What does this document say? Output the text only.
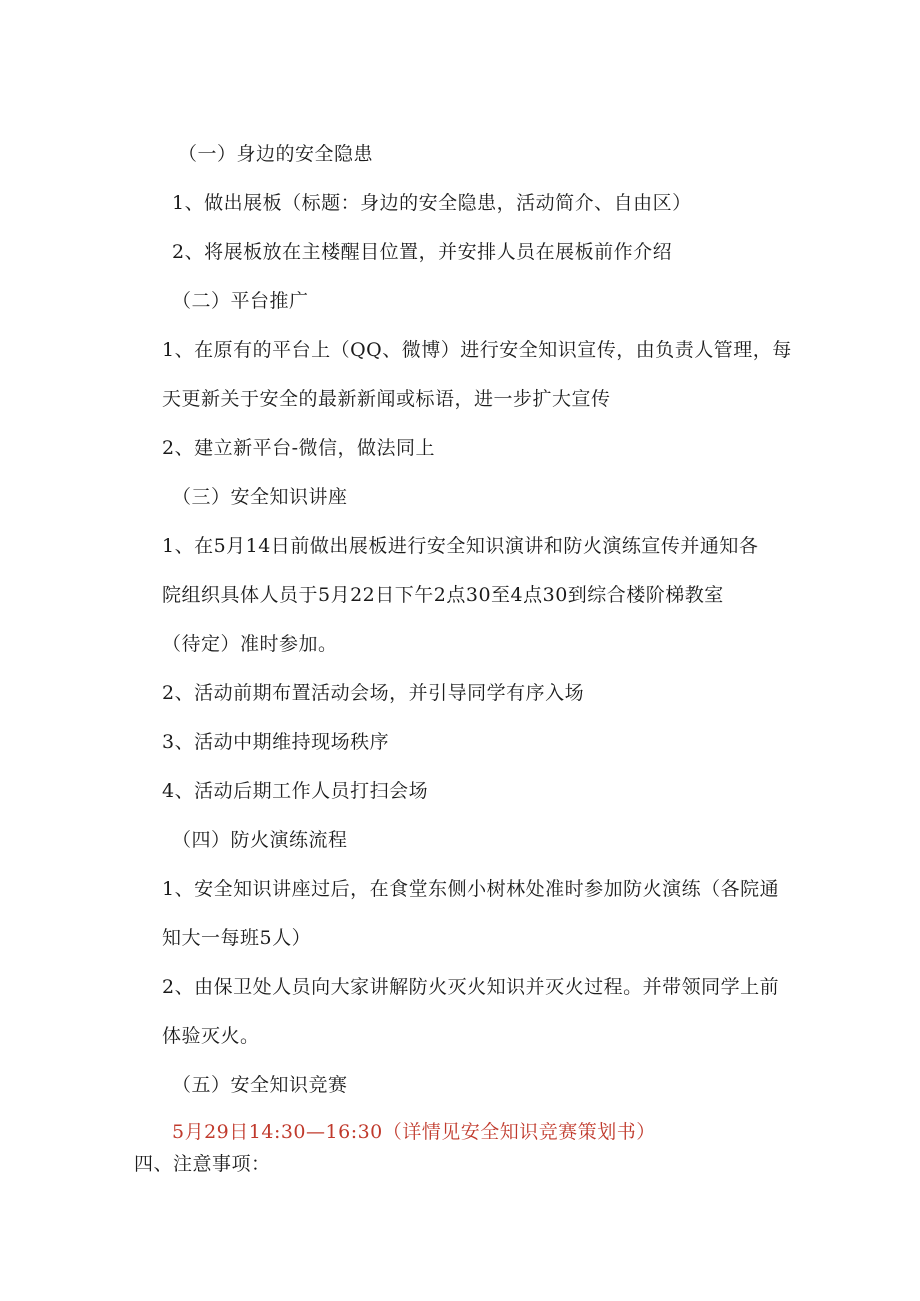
（一）身边的安全隐患
1、做出展板（标题：身边的安全隐患，活动简介、自由区）
2、将展板放在主楼醒目位置，并安排人员在展板前作介绍
（二）平台推广
1、在原有的平台上（QQ、微博）进行安全知识宣传，由负责人管理，每
天更新关于安全的最新新闻或标语，进一步扩大宣传
2、建立新平台-微信，做法同上
（三）安全知识讲座
1、在5月14日前做出展板进行安全知识演讲和防火演练宣传并通知各
院组织具体人员于5月22日下午2点30至4点30到综合楼阶梯教室
（待定）准时参加。
2、活动前期布置活动会场，并引导同学有序入场
3、活动中期维持现场秩序
4、活动后期工作人员打扫会场
（四）防火演练流程
1、安全知识讲座过后，在食堂东侧小树林处准时参加防火演练（各院通
知大一每班5人）
2、由保卫处人员向大家讲解防火灭火知识并灭火过程。并带领同学上前
体验灭火。
（五）安全知识竞赛
5月29日14:30—16:30（详情见安全知识竞赛策划书）
四、注意事项：
